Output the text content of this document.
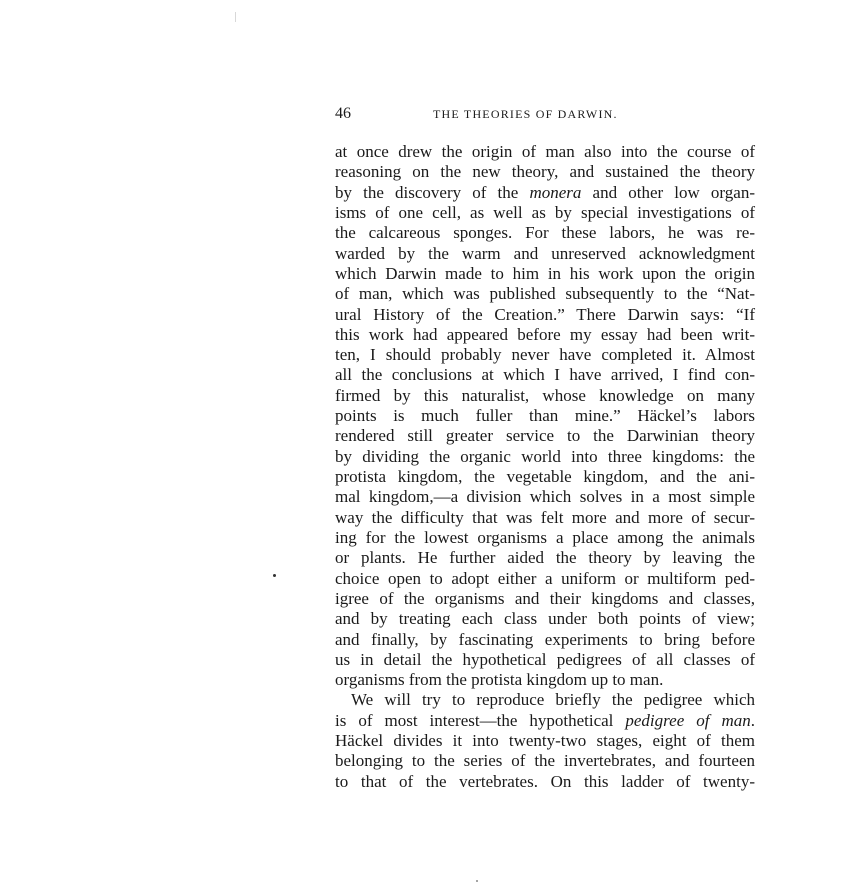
46	THE THEORIES OF DARWIN.
at once drew the origin of man also into the course of
reasoning on the new theory, and sustained the theory
by the discovery of the monera and other low organ-
isms of one cell, as well as by special investigations of
the calcareous sponges. For these labors, he was re-
warded by the warm and unreserved acknowledgment
which Darwin made to him in his work upon the origin
of man, which was published subsequently to the “Nat-
ural History of the Creation.” There Darwin says: “If
this work had appeared before my essay had been writ-
ten, I should probably never have completed it. Almost
all the conclusions at which I have arrived, I find con-
firmed by this naturalist, whose knowledge on many
points is much fuller than mine.” Häckel’s labors
rendered still greater service to the Darwinian theory
by dividing the organic world into three kingdoms: the
protista kingdom, the vegetable kingdom, and the ani-
mal kingdom,—a division which solves in a most simple
way the difficulty that was felt more and more of secur-
ing for the lowest organisms a place among the animals
or plants. He further aided the theory by leaving the
choice open to adopt either a uniform or multiform ped-
igree of the organisms and their kingdoms and classes,
and by treating each class under both points of view;
and finally, by fascinating experiments to bring before
us in detail the hypothetical pedigrees of all classes of
organisms from the protista kingdom up to man.
We will try to reproduce briefly the pedigree which
is of most interest—the hypothetical pedigree of man.
Häckel divides it into twenty-two stages, eight of them
belonging to the series of the invertebrates, and fourteen
to that of the vertebrates. On this ladder of twenty-
